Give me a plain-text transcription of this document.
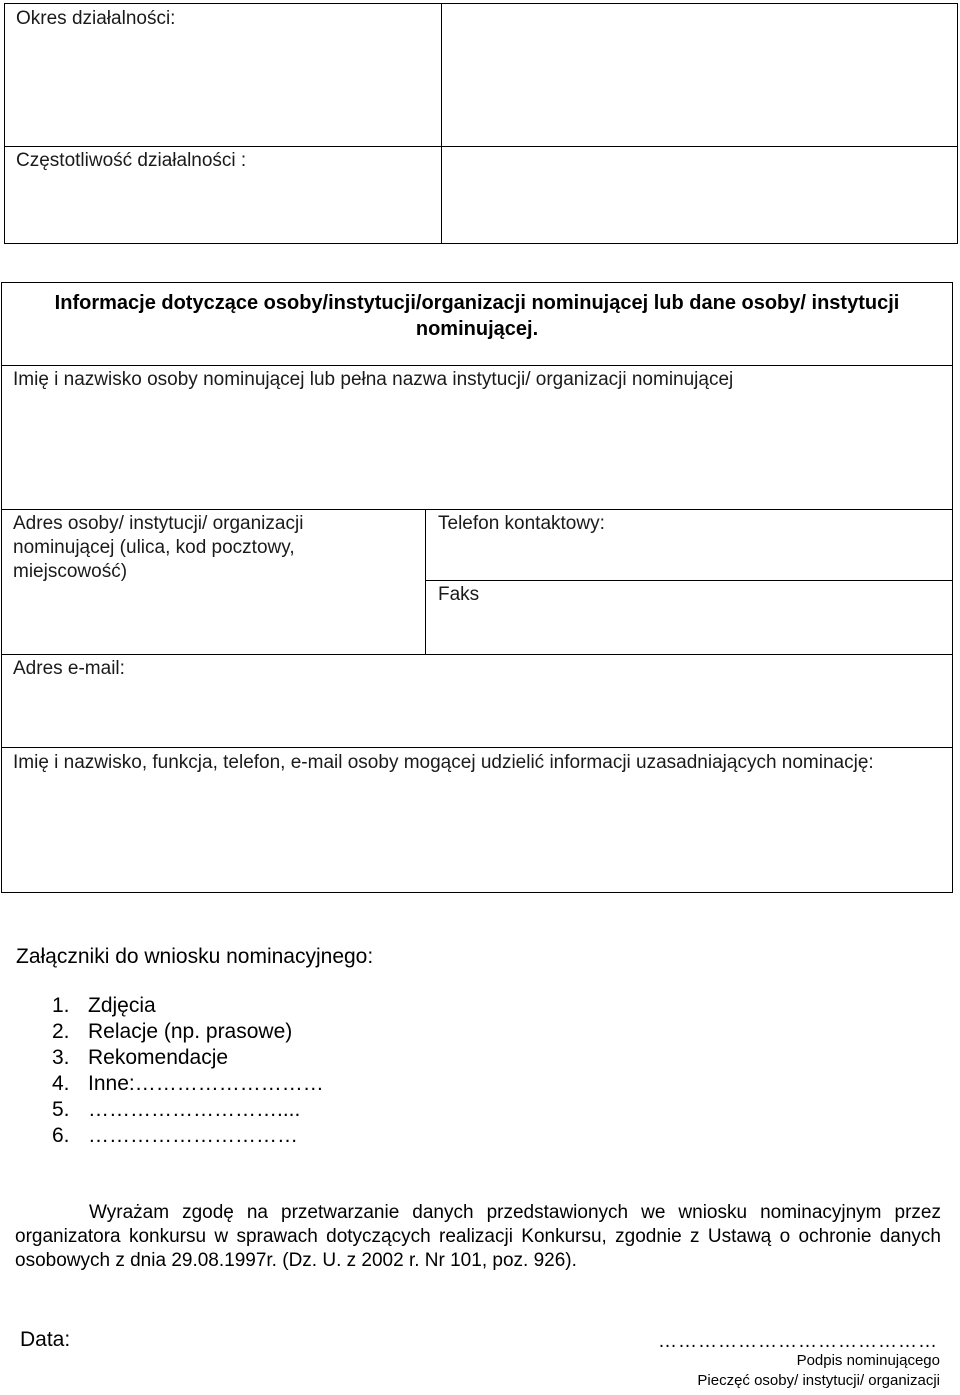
Okres działalności:
Częstotliwość działalności :
Informacje dotyczące osoby/instytucji/organizacji nominującej lub dane osoby/ instytucji
nominującej.
Imię i nazwisko osoby nominującej lub pełna nazwa instytucji/ organizacji nominującej
Adres osoby/ instytucji/ organizacji
nominującej (ulica, kod pocztowy,
miejscowość)
Telefon kontaktowy:
Faks
Adres e-mail:
Imię i nazwisko, funkcja, telefon, e-mail osoby mogącej udzielić informacji uzasadniających nominację:
Załączniki do wniosku nominacyjnego:
1. Zdjęcia
2. Relacje (np. prasowe)
3. Rekomendacje
4. Inne:………………………
5. ………………………....
6. …………………………
Wyrażam zgodę na przetwarzanie danych przedstawionych we wniosku nominacyjnym przez organizatora konkursu w sprawach dotyczących realizacji Konkursu, zgodnie z Ustawą o ochronie danych osobowych z dnia 29.08.1997r. (Dz. U. z 2002 r. Nr 101, poz. 926).
Data:	……………………………………
Podpis nominującego
Pieczęć osoby/ instytucji/ organizacji
